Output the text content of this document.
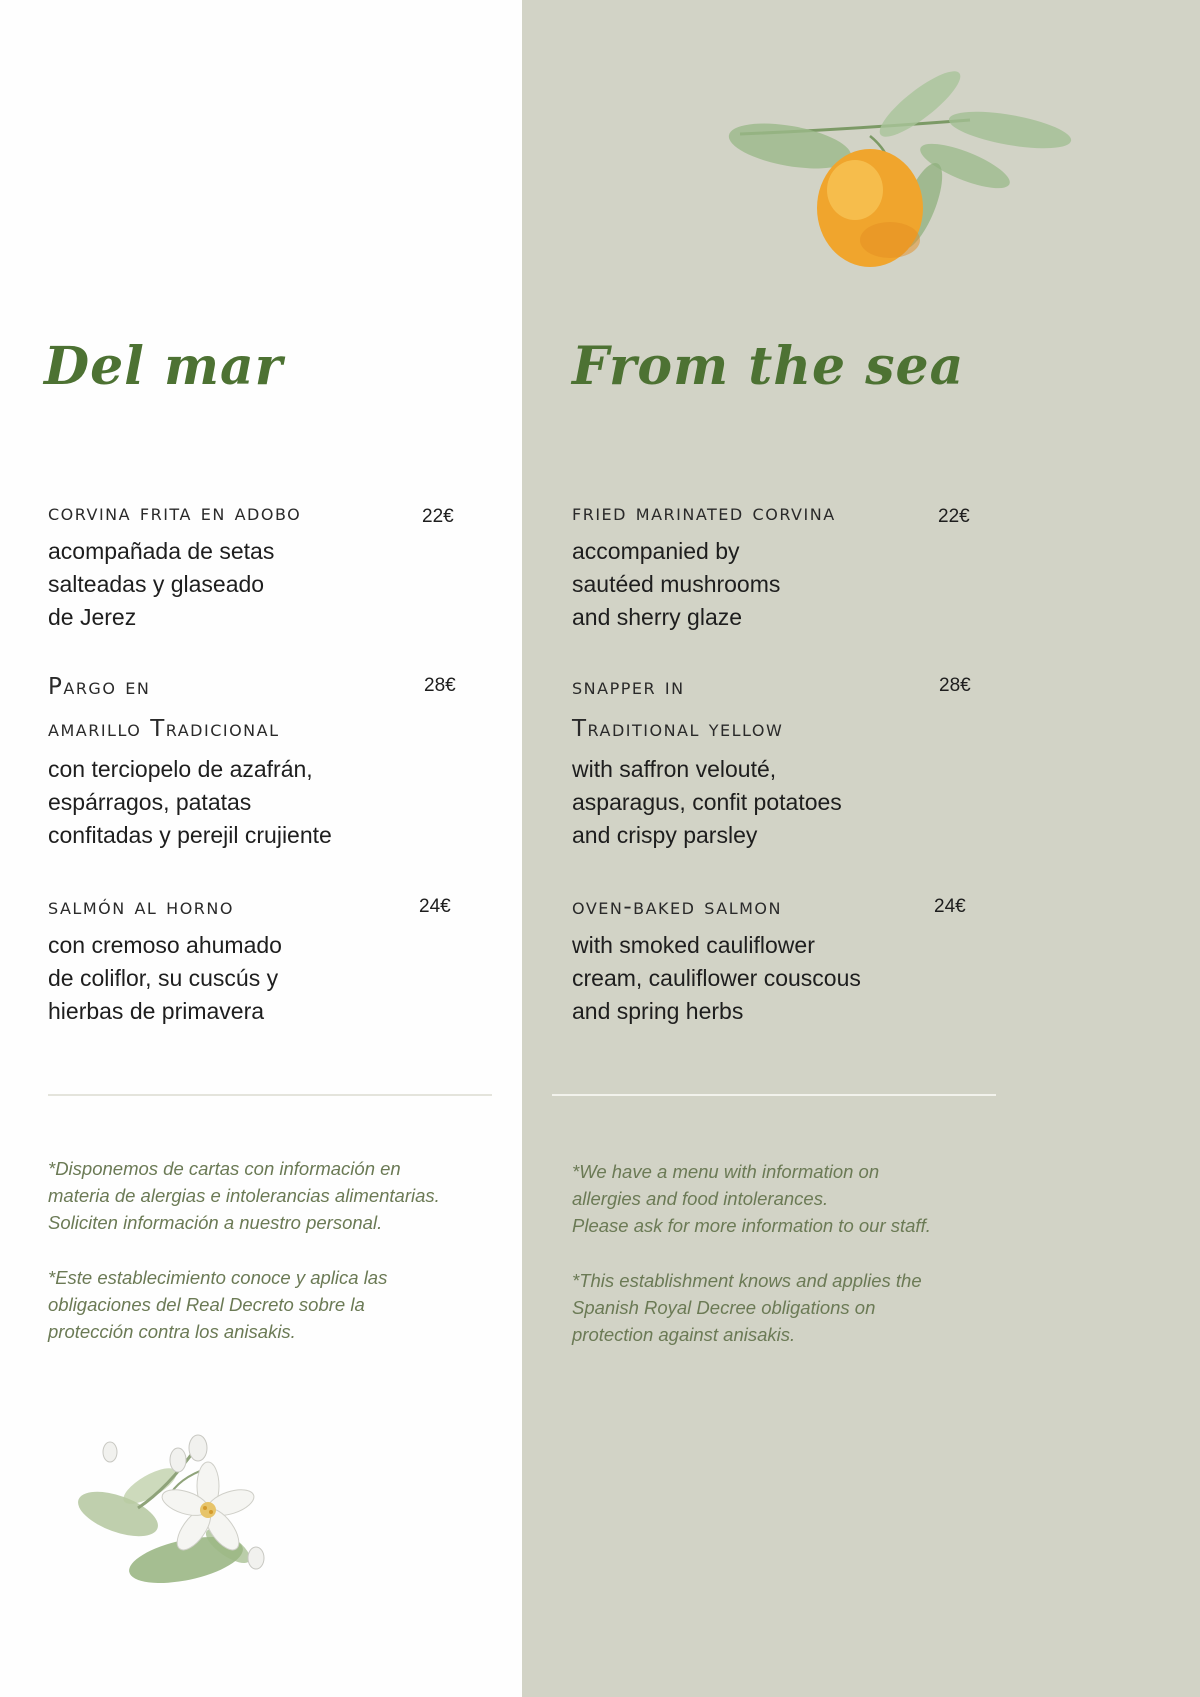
Del mar

corvina frita en adobo	22€

acompañada de setas
salteadas y glaseado
de Jerez

Pargo en

amarillo Tradicional

28€

con terciopelo de azafrán,
espárragos, patatas
confitadas y perejil crujiente

salmón al horno	24€

con cremoso ahumado
de coliflor, su cuscús y
hierbas de primavera

*Disponemos de cartas con información en
materia de alergias e intolerancias alimentarias.
Soliciten información a nuestro personal.

*Este establecimiento conoce y aplica las
obligaciones del Real Decreto sobre la
protección contra los anisakis.

From the sea

fried marinated corvina	22€

accompanied by
sautéed mushrooms
and sherry glaze

snapper in

Traditional yellow

28€

with saffron velouté,
asparagus, confit potatoes
and crispy parsley

oven-baked salmon	24€

with smoked cauliflower
cream, cauliflower couscous
and spring herbs

*We have a menu with information on
allergies and food intolerances.
Please ask for more information to our staff.

*This establishment knows and applies the
Spanish Royal Decree obligations on
protection against anisakis.
